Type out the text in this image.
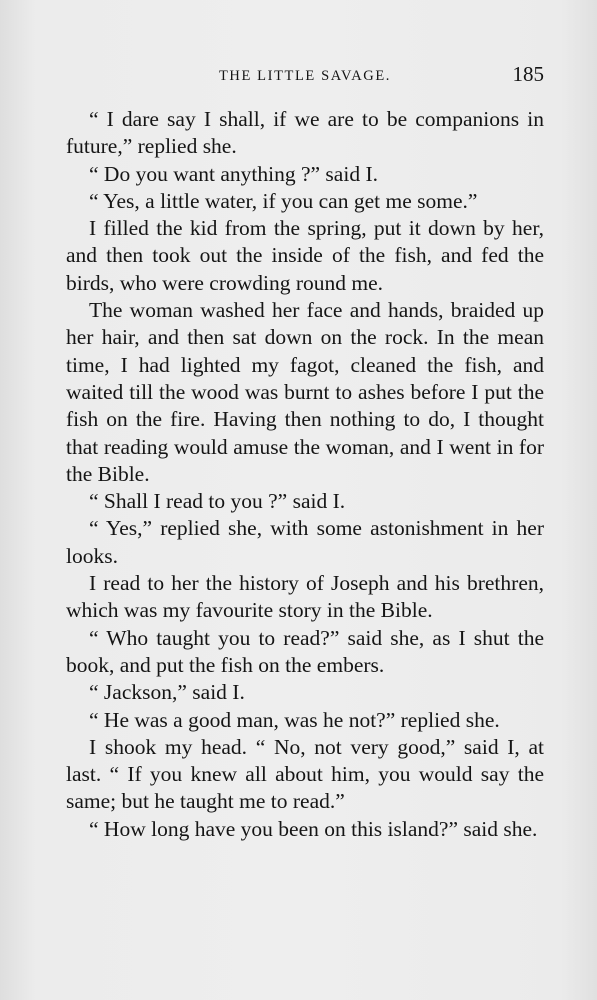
THE LITTLE SAVAGE.	185

“ I dare say I shall, if we are to be companions in future,” replied she.

“ Do you want anything ?” said I.

“ Yes, a little water, if you can get me some.”

I filled the kid from the spring, put it down by her, and then took out the inside of the fish, and fed the birds, who were crowding round me.

The woman washed her face and hands, braided up her hair, and then sat down on the rock. In the mean time, I had lighted my fagot, cleaned the fish, and waited till the wood was burnt to ashes before I put the fish on the fire. Having then nothing to do, I thought that reading would amuse the woman, and I went in for the Bible.

“ Shall I read to you ?” said I.

“ Yes,” replied she, with some astonishment in her looks.

I read to her the history of Joseph and his brethren, which was my favourite story in the Bible.

“ Who taught you to read?” said she, as I shut the book, and put the fish on the embers.

“ Jackson,” said I.

“ He was a good man, was he not?” replied she.

I shook my head. “ No, not very good,” said I, at last. “ If you knew all about him, you would say the same; but he taught me to read.”

“ How long have you been on this island?” said she.
